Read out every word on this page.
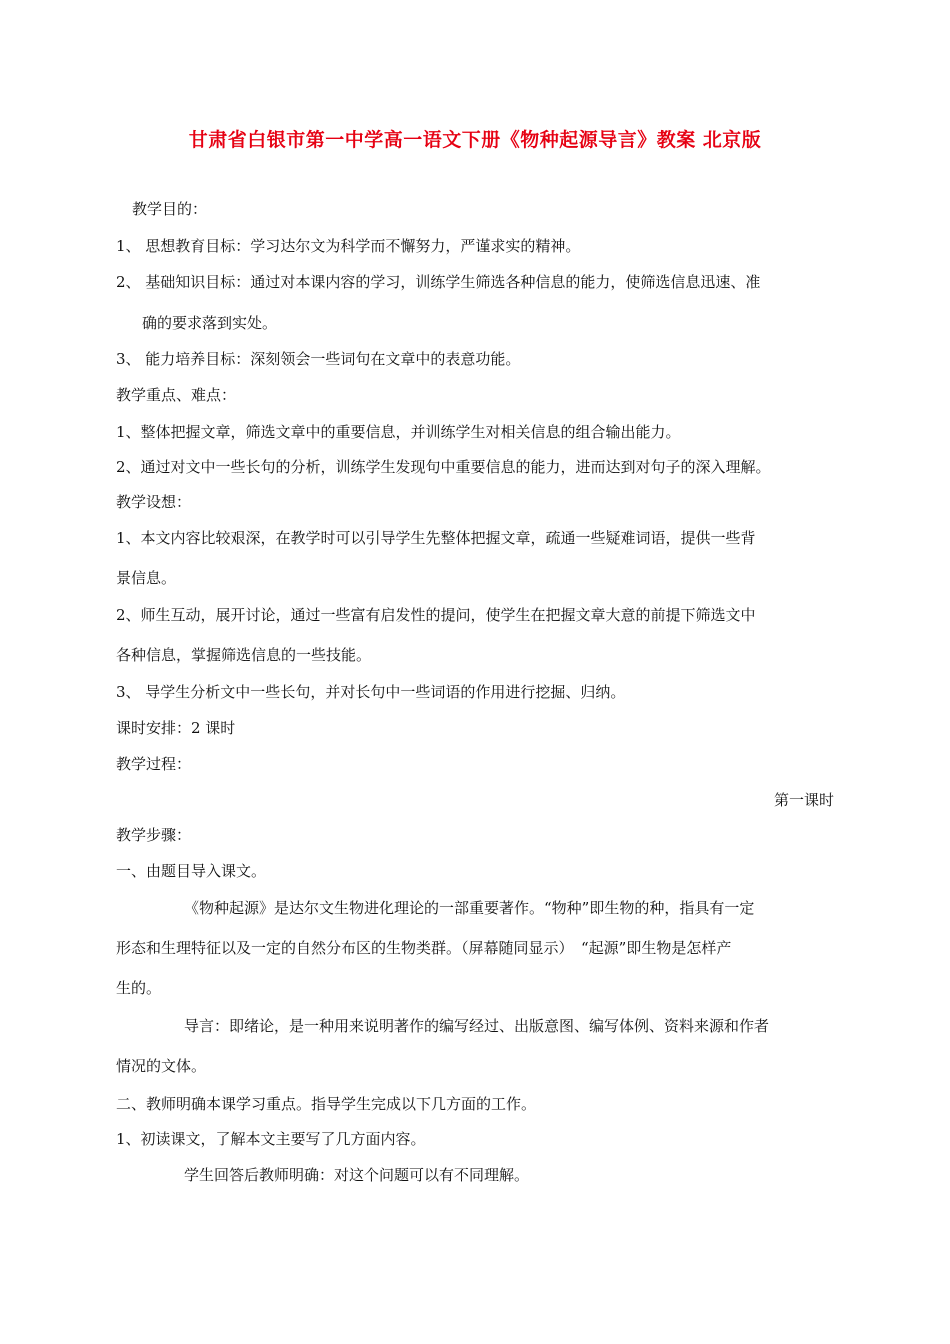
甘肃省白银市第一中学高一语文下册《物种起源导言》教案 北京版
教学目的：
1、 思想教育目标：学习达尔文为科学而不懈努力，严谨求实的精神。
2、 基础知识目标：通过对本课内容的学习，训练学生筛选各种信息的能力，使筛选信息迅速、准
确的要求落到实处。
3、 能力培养目标：深刻领会一些词句在文章中的表意功能。
教学重点、难点：
1、整体把握文章，筛选文章中的重要信息，并训练学生对相关信息的组合输出能力。
2、通过对文中一些长句的分析，训练学生发现句中重要信息的能力，进而达到对句子的深入理解。
教学设想：
1、本文内容比较艰深，在教学时可以引导学生先整体把握文章，疏通一些疑难词语，提供一些背
景信息。
2、师生互动，展开讨论，通过一些富有启发性的提问，使学生在把握文章大意的前提下筛选文中
各种信息，掌握筛选信息的一些技能。
3、 导学生分析文中一些长句，并对长句中一些词语的作用进行挖掘、归纳。
课时安排：2 课时
教学过程：
第一课时
教学步骤：
一、由题目导入课文。
《物种起源》是达尔文生物进化理论的一部重要著作。“物种”即生物的种，指具有一定
形态和生理特征以及一定的自然分布区的生物类群。（屏幕随同显示）　“起源”即生物是怎样产
生的。
导言：即绪论，是一种用来说明著作的编写经过、出版意图、编写体例、资料来源和作者
情况的文体。
二、教师明确本课学习重点。指导学生完成以下几方面的工作。
1、初读课文，了解本文主要写了几方面内容。
学生回答后教师明确：对这个问题可以有不同理解。
